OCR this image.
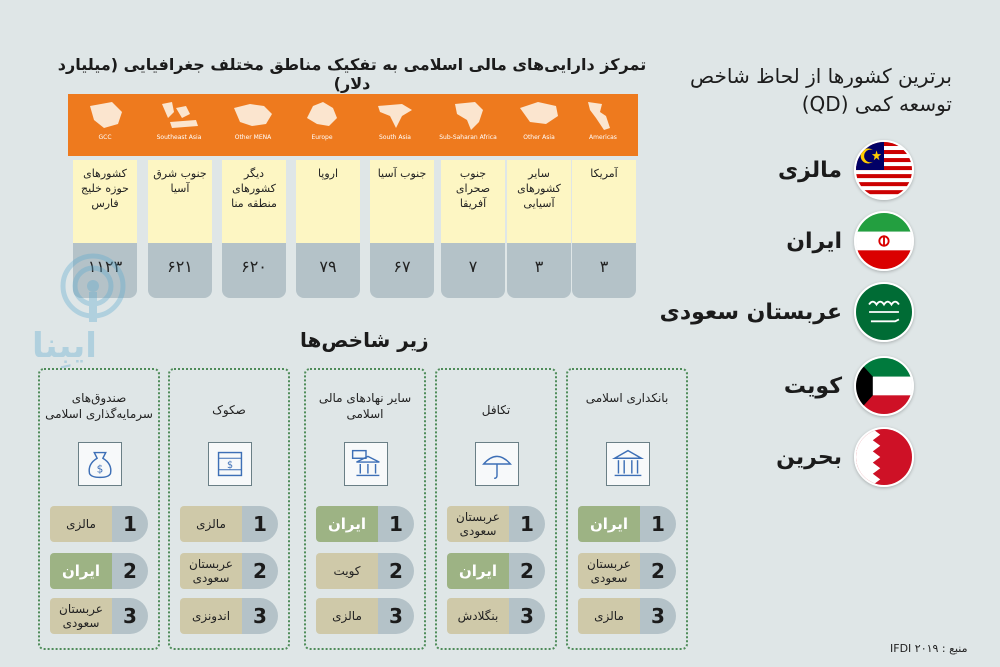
برترین کشورها از لحاظ شاخص توسعه کمی (QD)
مالزی
ایران
عربستان سعودی
کویت
بحرین
تمرکز دارایی‌های مالی اسلامی به تفکیک مناطق مختلف جغرافیایی (میلیارد دلار)
GCC	Southeast Asia	Other MENA	Europe	South Asia	Sub-Saharan Africa	Other Asia	Americas
کشورهای حوزه خلیج فارس
۱۱۲۳
جنوب شرق آسیا
۶۲۱
دیگر کشورهای منطقه منا
۶۲۰
اروپا
۷۹
جنوب آسیا
۶۷
جنوب صحرای آفریقا
۷
سایر کشورهای آسیایی
۳
آمریکا
۳
ایبِنا	زیر شاخص‌ها
بانکداری اسلامی
ایران	1
عربستان سعودی	2
مالزی	3
تکافل
عربستان سعودی	1
ایران	2
بنگلادش	3
سایر نهادهای مالی اسلامی
ایران	1
کویت	2
مالزی	3
صکوک
$
مالزی	1
عربستان سعودی	2
اندونزی	3
صندوق‌های سرمایه‌گذاری اسلامی
$
مالزی	1
ایران	2
عربستان سعودی	3
منبع : IFDI ۲۰۱۹
